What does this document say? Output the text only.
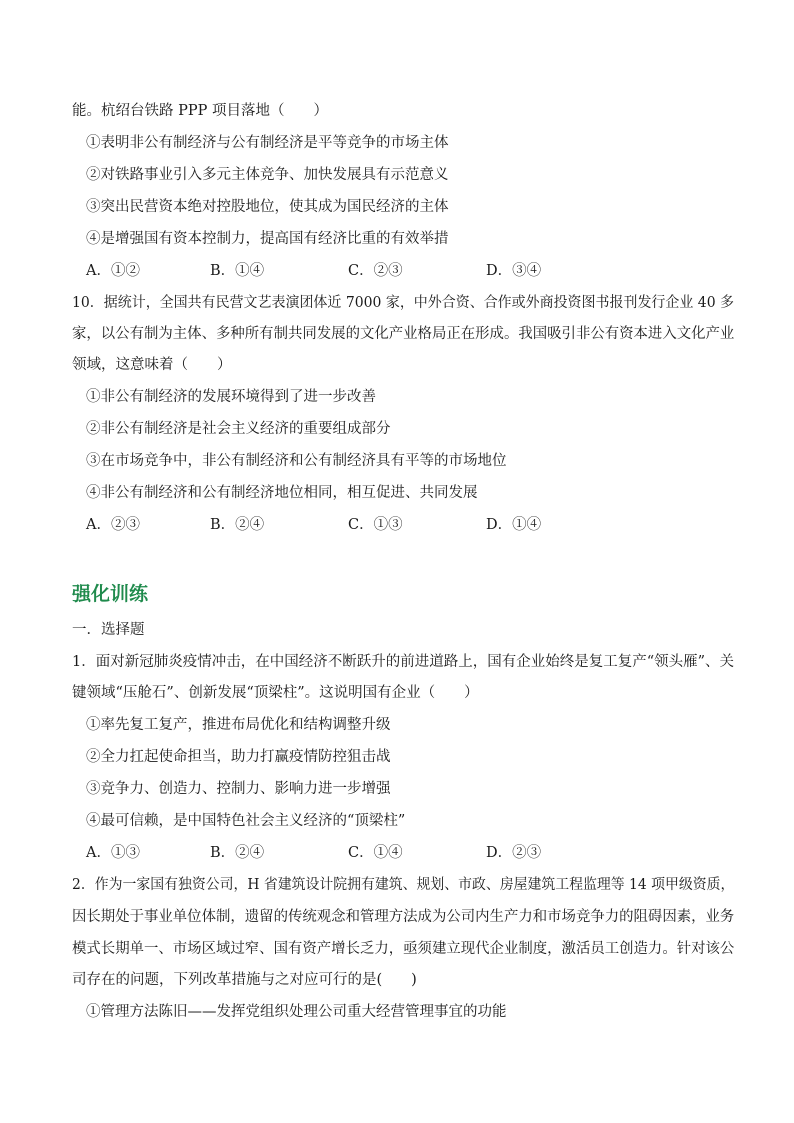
能。杭绍台铁路 PPP 项目落地（　　）
①表明非公有制经济与公有制经济是平等竞争的市场主体
②对铁路事业引入多元主体竞争、加快发展具有示范意义
③突出民营资本绝对控股地位，使其成为国民经济的主体
④是增强国有资本控制力，提高国有经济比重的有效举措
A．①②	B．①④	C．②③	D．③④
10．据统计，全国共有民营文艺表演团体近 7000 家，中外合资、合作或外商投资图书报刊发行企业 40 多
家，以公有制为主体、多种所有制共同发展的文化产业格局正在形成。我国吸引非公有资本进入文化产业
领域，这意味着（　　）
①非公有制经济的发展环境得到了进一步改善
②非公有制经济是社会主义经济的重要组成部分
③在市场竞争中，非公有制经济和公有制经济具有平等的市场地位
④非公有制经济和公有制经济地位相同，相互促进、共同发展
A．②③	B．②④	C．①③	D．①④
强化训练
一．选择题
1．面对新冠肺炎疫情冲击，在中国经济不断跃升的前进道路上，国有企业始终是复工复产“领头雁”、关
键领域“压舱石”、创新发展“顶梁柱”。这说明国有企业（　　）
①率先复工复产，推进布局优化和结构调整升级
②全力扛起使命担当，助力打赢疫情防控狙击战
③竞争力、创造力、控制力、影响力进一步增强
④最可信赖，是中国特色社会主义经济的“顶梁柱”
A．①③	B．②④	C．①④	D．②③
2．作为一家国有独资公司，H 省建筑设计院拥有建筑、规划、市政、房屋建筑工程监理等 14 项甲级资质，
因长期处于事业单位体制，遗留的传统观念和管理方法成为公司内生产力和市场竞争力的阻碍因素，业务
模式长期单一、市场区域过窄、国有资产增长乏力，亟须建立现代企业制度，激活员工创造力。针对该公
司存在的问题，下列改革措施与之对应可行的是(　　)
①管理方法陈旧——发挥党组织处理公司重大经营管理事宜的功能
